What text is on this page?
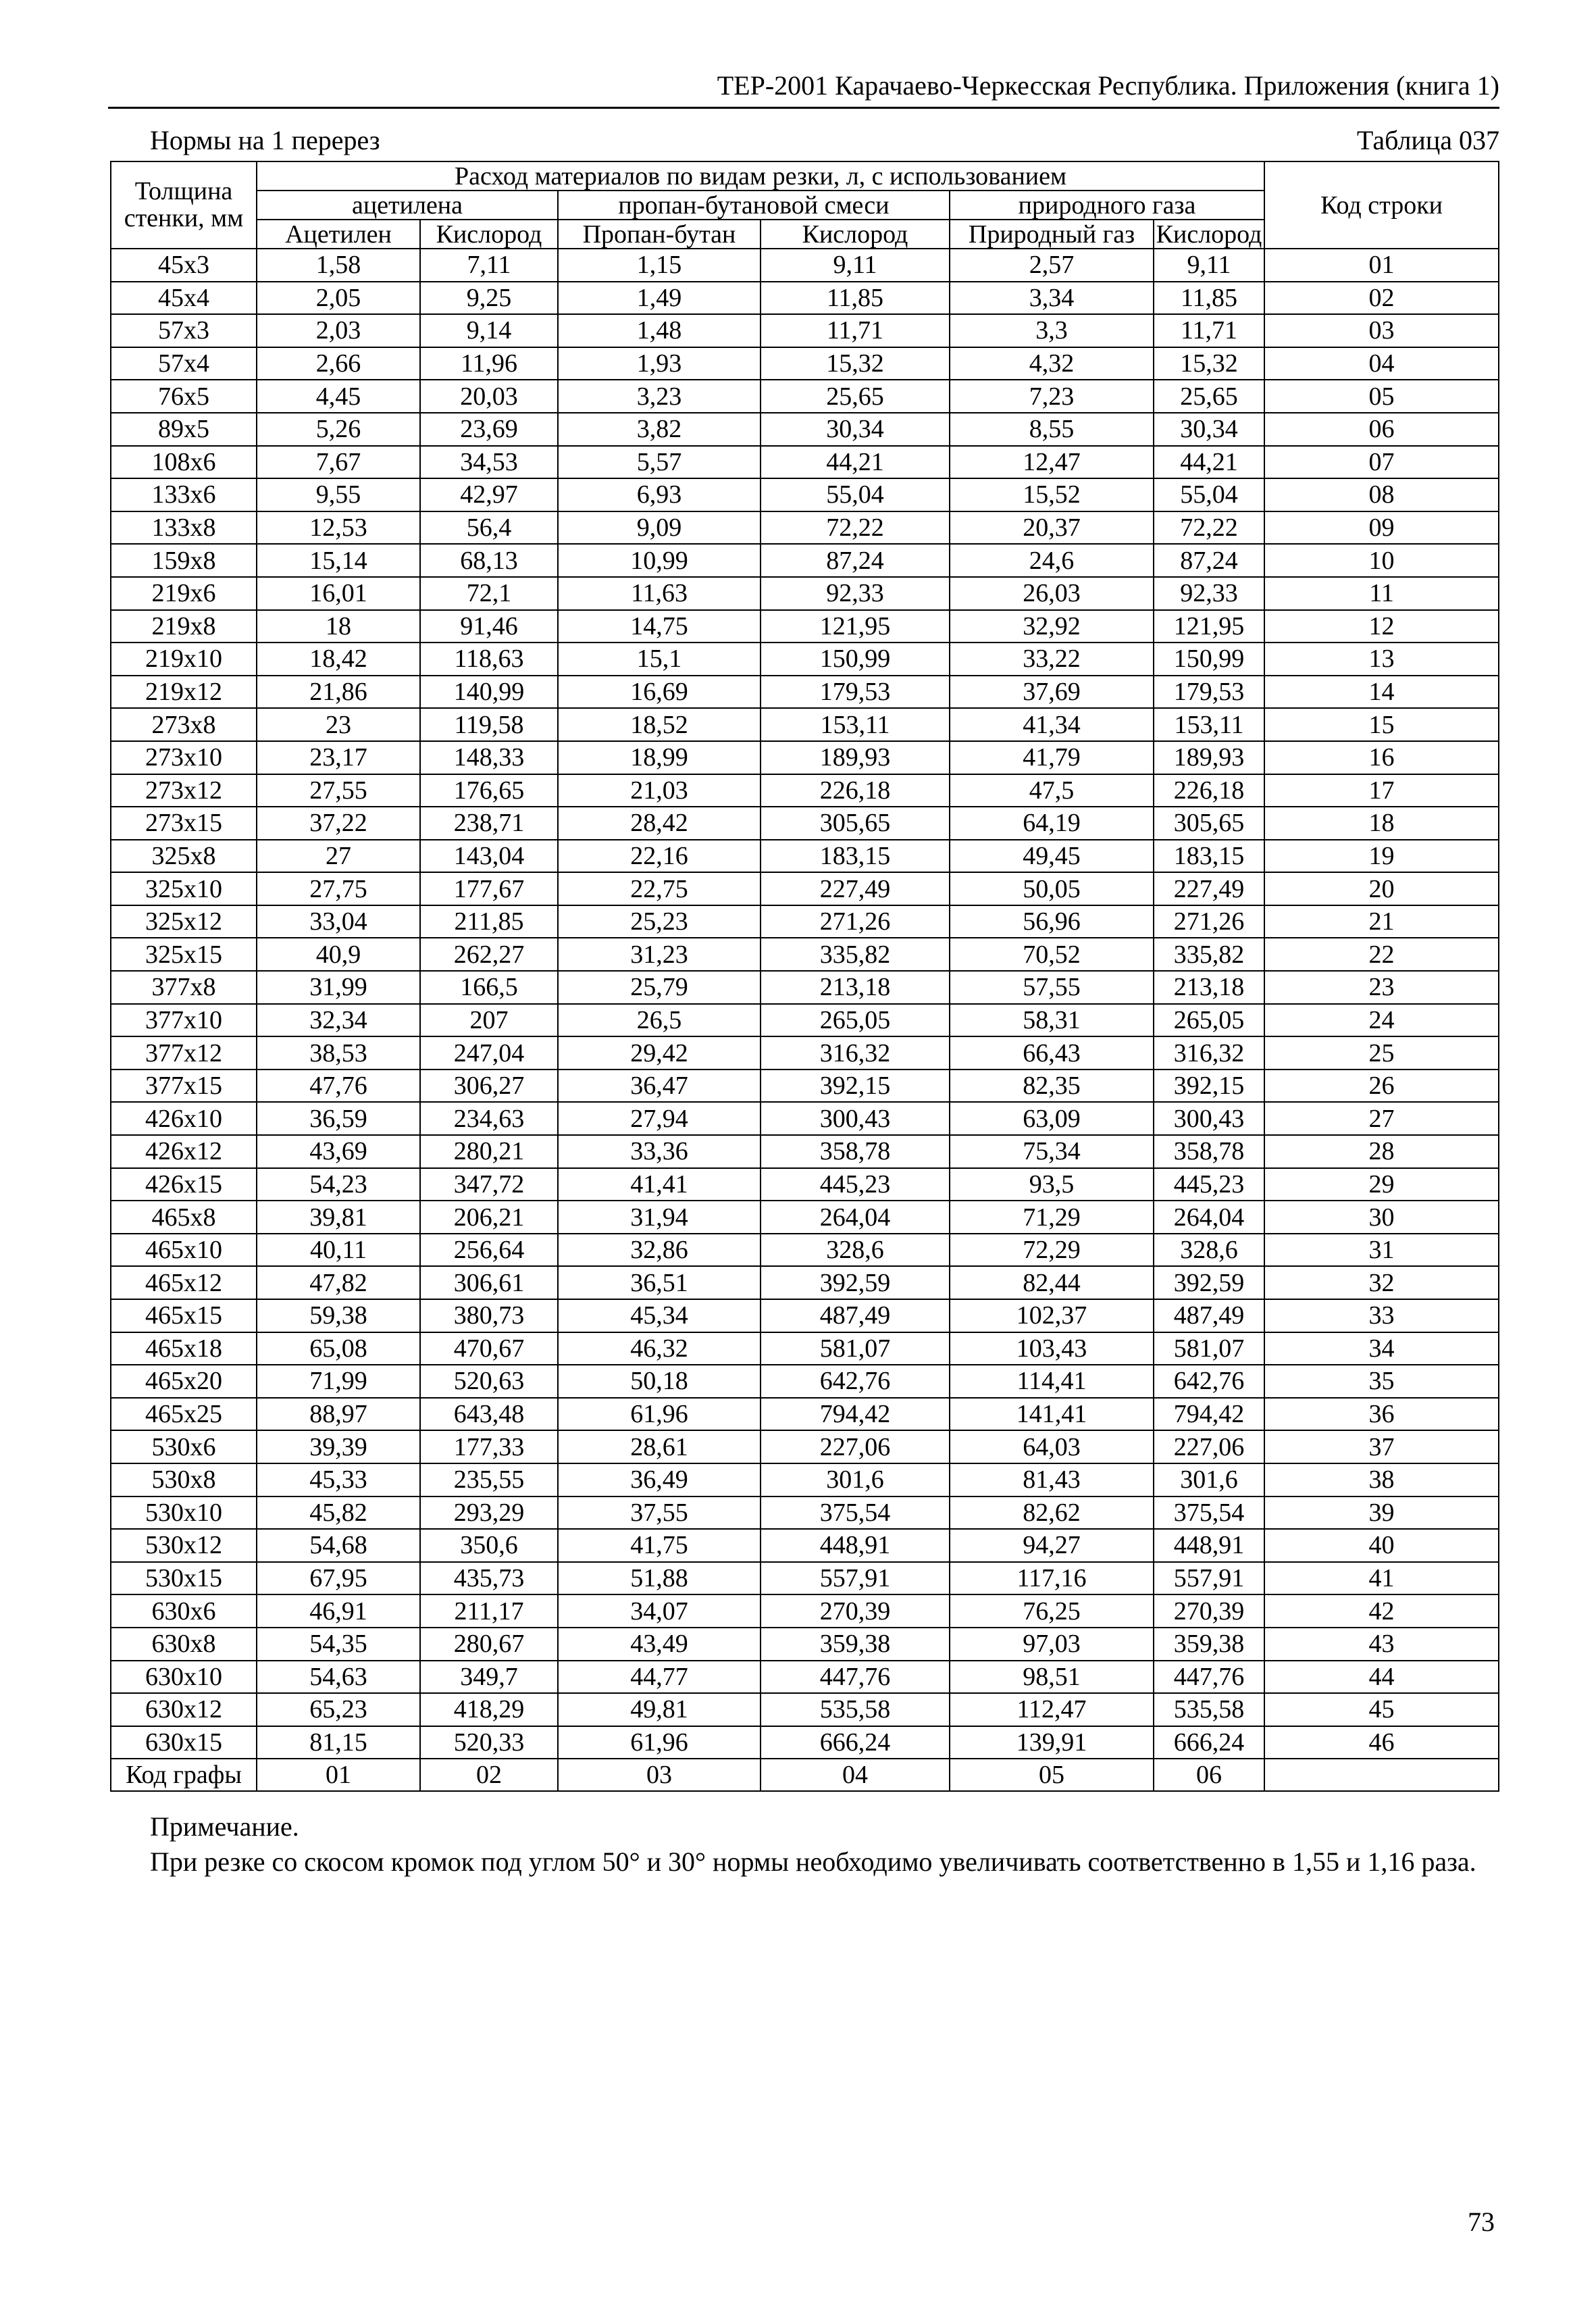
ТЕР-2001 Карачаево-Черкесская Республика. Приложения (книга 1)
Нормы на 1 перерез	Таблица 037
Толщина стенки, мм	Расход материалов по видам резки, л, с использованием						Код строки
	ацетилена		пропан-бутановой смеси		природного газа		
	Ацетилен	Кислород	Пропан-бутан	Кислород	Природный газ	Кислород	
45x3	1,58	7,11	1,15	9,11	2,57	9,11	01
45x4	2,05	9,25	1,49	11,85	3,34	11,85	02
57x3	2,03	9,14	1,48	11,71	3,3	11,71	03
57x4	2,66	11,96	1,93	15,32	4,32	15,32	04
76x5	4,45	20,03	3,23	25,65	7,23	25,65	05
89x5	5,26	23,69	3,82	30,34	8,55	30,34	06
108x6	7,67	34,53	5,57	44,21	12,47	44,21	07
133x6	9,55	42,97	6,93	55,04	15,52	55,04	08
133x8	12,53	56,4	9,09	72,22	20,37	72,22	09
159x8	15,14	68,13	10,99	87,24	24,6	87,24	10
219x6	16,01	72,1	11,63	92,33	26,03	92,33	11
219x8	18	91,46	14,75	121,95	32,92	121,95	12
219x10	18,42	118,63	15,1	150,99	33,22	150,99	13
219x12	21,86	140,99	16,69	179,53	37,69	179,53	14
273x8	23	119,58	18,52	153,11	41,34	153,11	15
273x10	23,17	148,33	18,99	189,93	41,79	189,93	16
273x12	27,55	176,65	21,03	226,18	47,5	226,18	17
273x15	37,22	238,71	28,42	305,65	64,19	305,65	18
325x8	27	143,04	22,16	183,15	49,45	183,15	19
325x10	27,75	177,67	22,75	227,49	50,05	227,49	20
325x12	33,04	211,85	25,23	271,26	56,96	271,26	21
325x15	40,9	262,27	31,23	335,82	70,52	335,82	22
377x8	31,99	166,5	25,79	213,18	57,55	213,18	23
377x10	32,34	207	26,5	265,05	58,31	265,05	24
377x12	38,53	247,04	29,42	316,32	66,43	316,32	25
377x15	47,76	306,27	36,47	392,15	82,35	392,15	26
426x10	36,59	234,63	27,94	300,43	63,09	300,43	27
426x12	43,69	280,21	33,36	358,78	75,34	358,78	28
426x15	54,23	347,72	41,41	445,23	93,5	445,23	29
465x8	39,81	206,21	31,94	264,04	71,29	264,04	30
465x10	40,11	256,64	32,86	328,6	72,29	328,6	31
465x12	47,82	306,61	36,51	392,59	82,44	392,59	32
465x15	59,38	380,73	45,34	487,49	102,37	487,49	33
465x18	65,08	470,67	46,32	581,07	103,43	581,07	34
465x20	71,99	520,63	50,18	642,76	114,41	642,76	35
465x25	88,97	643,48	61,96	794,42	141,41	794,42	36
530x6	39,39	177,33	28,61	227,06	64,03	227,06	37
530x8	45,33	235,55	36,49	301,6	81,43	301,6	38
530x10	45,82	293,29	37,55	375,54	82,62	375,54	39
530x12	54,68	350,6	41,75	448,91	94,27	448,91	40
530x15	67,95	435,73	51,88	557,91	117,16	557,91	41
630x6	46,91	211,17	34,07	270,39	76,25	270,39	42
630x8	54,35	280,67	43,49	359,38	97,03	359,38	43
630x10	54,63	349,7	44,77	447,76	98,51	447,76	44
630x12	65,23	418,29	49,81	535,58	112,47	535,58	45
630x15	81,15	520,33	61,96	666,24	139,91	666,24	46
Код графы	01	02	03	04	05	06	
Примечание.
При резке со скосом кромок под углом 50° и 30° нормы необходимо увеличивать соответственно в 1,55 и 1,16 раза.
73
